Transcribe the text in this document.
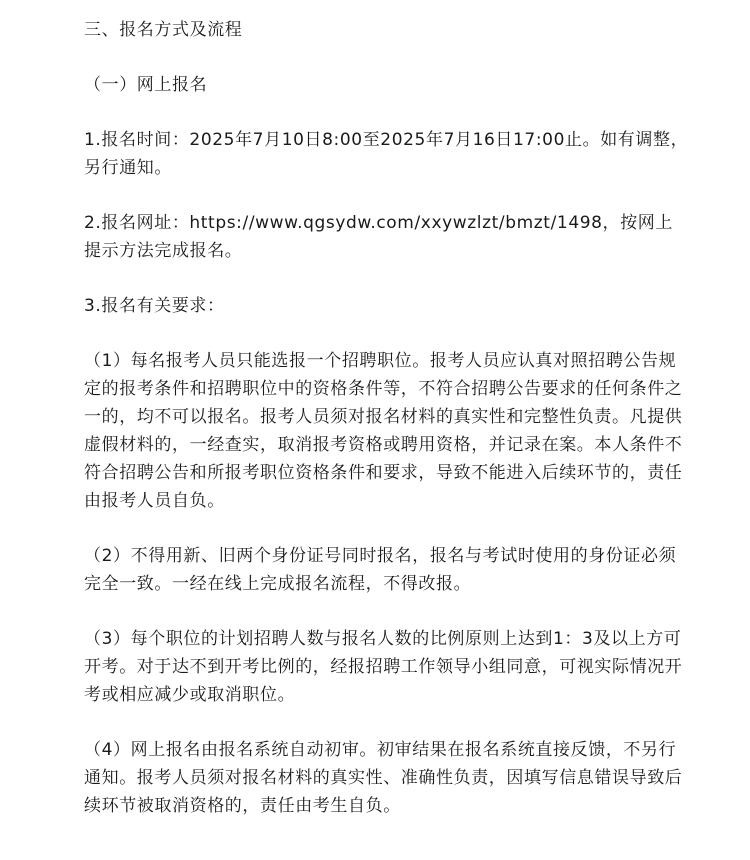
三、报名方式及流程

（一）网上报名

1.报名时间：2025年7月10日8:00至2025年7月16日17:00止。如有调整，另行通知。

2.报名网址：https://www.qgsydw.com/xxywzlzt/bmzt/1498，按网上提示方法完成报名。

3.报名有关要求：

（1）每名报考人员只能选报一个招聘职位。报考人员应认真对照招聘公告规定的报考条件和招聘职位中的资格条件等，不符合招聘公告要求的任何条件之一的，均不可以报名。报考人员须对报名材料的真实性和完整性负责。凡提供虚假材料的，一经查实，取消报考资格或聘用资格，并记录在案。本人条件不符合招聘公告和所报考职位资格条件和要求，导致不能进入后续环节的，责任由报考人员自负。

（2）不得用新、旧两个身份证号同时报名，报名与考试时使用的身份证必须完全一致。一经在线上完成报名流程，不得改报。

（3）每个职位的计划招聘人数与报名人数的比例原则上达到1：3及以上方可开考。对于达不到开考比例的，经报招聘工作领导小组同意，可视实际情况开考或相应减少或取消职位。

（4）网上报名由报名系统自动初审。初审结果在报名系统直接反馈，不另行通知。报考人员须对报名材料的真实性、准确性负责，因填写信息错误导致后续环节被取消资格的，责任由考生自负。
